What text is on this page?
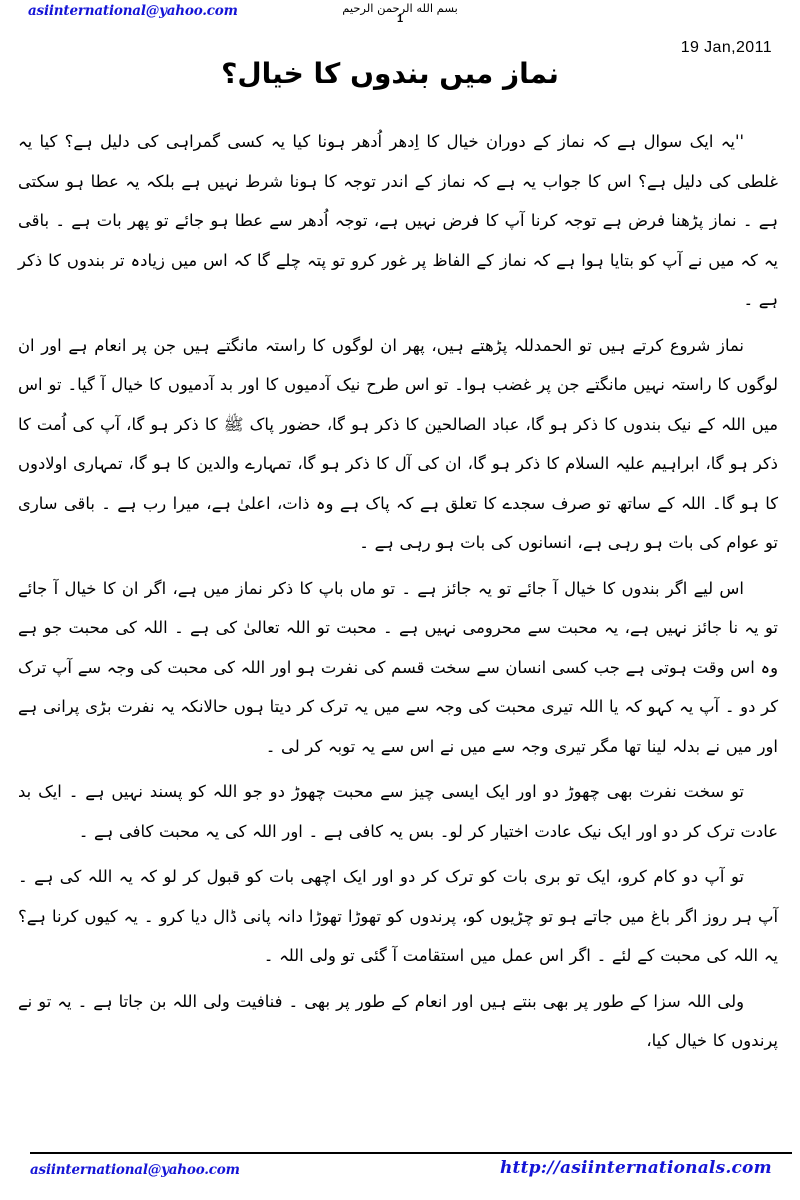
asiinternational@yahoo.com	بسم الله الرحمن الرحيم
1
19 Jan,2011
نماز میں بندوں کا خیال؟

''یہ ایک سوال ہے کہ نماز کے دوران خیال کا اِدھر اُدھر ہونا کیا یہ کسی گمراہی کی دلیل ہے؟ کیا یہ غلطی کی دلیل ہے؟ اس کا جواب یہ ہے کہ نماز کے اندر توجہ کا ہونا شرط نہیں ہے بلکہ یہ عطا ہو سکتی ہے ۔ نماز پڑھنا فرض ہے توجہ کرنا آپ کا فرض نہیں ہے، توجہ اُدھر سے عطا ہو جائے تو پھر بات ہے ۔ باقی یہ کہ میں نے آپ کو بتایا ہوا ہے کہ نماز کے الفاظ پر غور کرو تو پتہ چلے گا کہ اس میں زیادہ تر بندوں کا ذکر ہے ۔

نماز شروع کرتے ہیں تو الحمدللہ پڑھتے ہیں، پھر ان لوگوں کا راستہ مانگتے ہیں جن پر انعام ہے اور ان لوگوں کا راستہ نہیں مانگتے جن پر غضب ہوا۔ تو اس طرح نیک آدمیوں کا اور بد آدمیوں کا خیال آ گیا۔ تو اس میں اللہ کے نیک بندوں کا ذکر ہو گا، عباد الصالحین کا ذکر ہو گا، حضور پاک ﷺ کا ذکر ہو گا، آپ کی اُمت کا ذکر ہو گا، ابراہیم علیہ السلام کا ذکر ہو گا، ان کی آل کا ذکر ہو گا، تمہارے والدین کا ہو گا، تمہاری اولادوں کا ہو گا۔ اللہ کے ساتھ تو صرف سجدے کا تعلق ہے کہ پاک ہے وہ ذات، اعلیٰ ہے، میرا رب ہے ۔ باقی ساری تو عوام کی بات ہو رہی ہے، انسانوں کی بات ہو رہی ہے ۔

اس لیے اگر بندوں کا خیال آ جائے تو یہ جائز ہے ۔ تو ماں باپ کا ذکر نماز میں ہے، اگر ان کا خیال آ جائے تو یہ نا جائز نہیں ہے، یہ محبت سے محرومی نہیں ہے ۔ محبت تو اللہ تعالیٰ کی ہے ۔ اللہ کی محبت جو ہے وہ اس وقت ہوتی ہے جب کسی انسان سے سخت قسم کی نفرت ہو اور اللہ کی محبت کی وجہ سے آپ ترک کر دو ۔ آپ یہ کہو کہ یا اللہ تیری محبت کی وجہ سے میں یہ ترک کر دیتا ہوں حالانکہ یہ نفرت بڑی پرانی ہے اور میں نے بدلہ لینا تھا مگر تیری وجہ سے میں نے اس سے یہ توبہ کر لی ۔

تو سخت نفرت بھی چھوڑ دو اور ایک ایسی چیز سے محبت چھوڑ دو جو اللہ کو پسند نہیں ہے ۔ ایک بد عادت ترک کر دو اور ایک نیک عادت اختیار کر لو۔ بس یہ کافی ہے ۔ اور اللہ کی یہ محبت کافی ہے ۔

تو آپ دو کام کرو، ایک تو بری بات کو ترک کر دو اور ایک اچھی بات کو قبول کر لو کہ یہ اللہ کی ہے ۔ آپ ہر روز اگر باغ میں جاتے ہو تو چڑیوں کو، پرندوں کو تھوڑا تھوڑا دانہ پانی ڈال دیا کرو ۔ یہ کیوں کرنا ہے؟ یہ اللہ کی محبت کے لئے ۔ اگر اس عمل میں استقامت آ گئی تو ولی اللہ ۔

ولی اللہ سزا کے طور پر بھی بنتے ہیں اور انعام کے طور پر بھی ۔ فنافیت ولی اللہ بن جاتا ہے ۔ یہ تو نے پرندوں کا خیال کیا،

asiinternational@yahoo.com	http://asiinternationals.com
